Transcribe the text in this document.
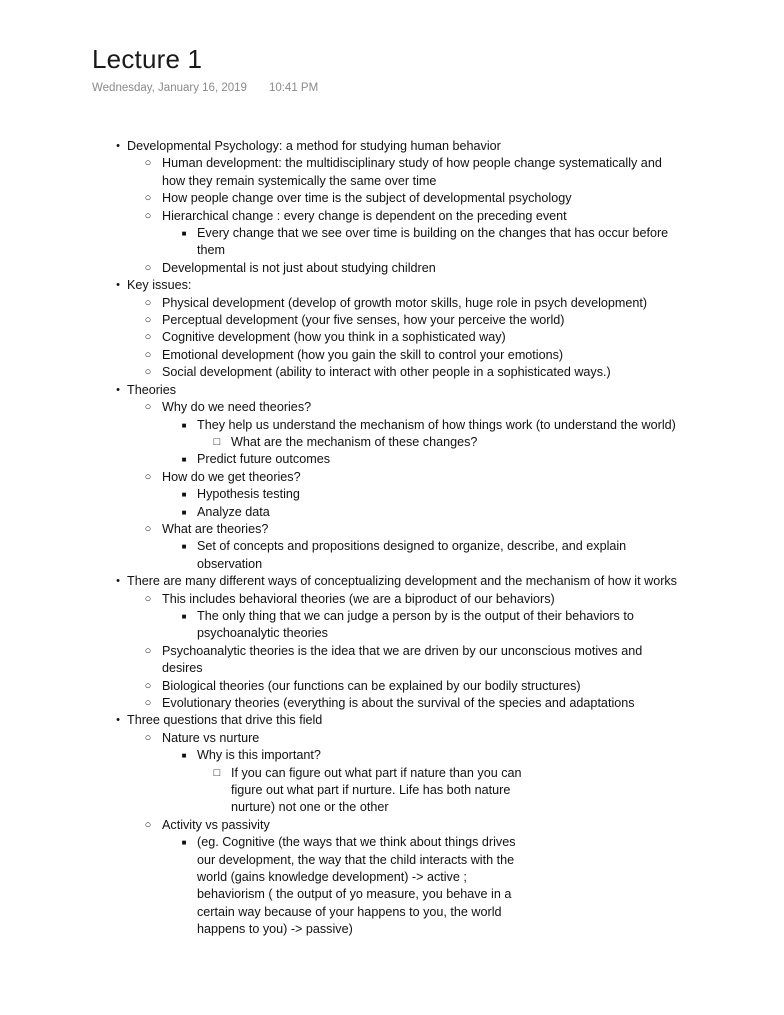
Lecture 1
Wednesday, January 16, 2019 10:41 PM
• Developmental Psychology: a method for studying human behavior
○ Human development: the multidisciplinary study of how people change systematically and how they remain systemically the same over time
○ How people change over time is the subject of developmental psychology
○ Hierarchical change : every change is dependent on the preceding event
■ Every change that we see over time is building on the changes that has occur before them
○ Developmental is not just about studying children
• Key issues:
○ Physical development (develop of growth motor skills, huge role in psych development)
○ Perceptual development (your five senses, how your perceive the world)
○ Cognitive development (how you think in a sophisticated way)
○ Emotional development (how you gain the skill to control your emotions)
○ Social development (ability to interact with other people in a sophisticated ways.)
• Theories
○ Why do we need theories?
■ They help us understand the mechanism of how things work (to understand the world)
□ What are the mechanism of these changes?
■ Predict future outcomes
○ How do we get theories?
■ Hypothesis testing
■ Analyze data
○ What are theories?
■ Set of concepts and propositions designed to organize, describe, and explain observation
• There are many different ways of conceptualizing development and the mechanism of how it works
○ This includes behavioral theories (we are a biproduct of our behaviors)
■ The only thing that we can judge a person by is the output of their behaviors to psychoanalytic theories
○ Psychoanalytic theories is the idea that we are driven by our unconscious motives and desires
○ Biological theories (our functions can be explained by our bodily structures)
○ Evolutionary theories (everything is about the survival of the species and adaptations
• Three questions that drive this field
○ Nature vs nurture
■ Why is this important?
□ If you can figure out what part if nature than you can figure out what part if nurture. Life has both nature nurture) not one or the other
○ Activity vs passivity
■ (eg. Cognitive (the ways that we think about things drives our development, the way that the child interacts with the world (gains knowledge development) -> active ; behaviorism ( the output of yo measure, you behave in a certain way because of your happens to you, the world happens to you) -> passive)
